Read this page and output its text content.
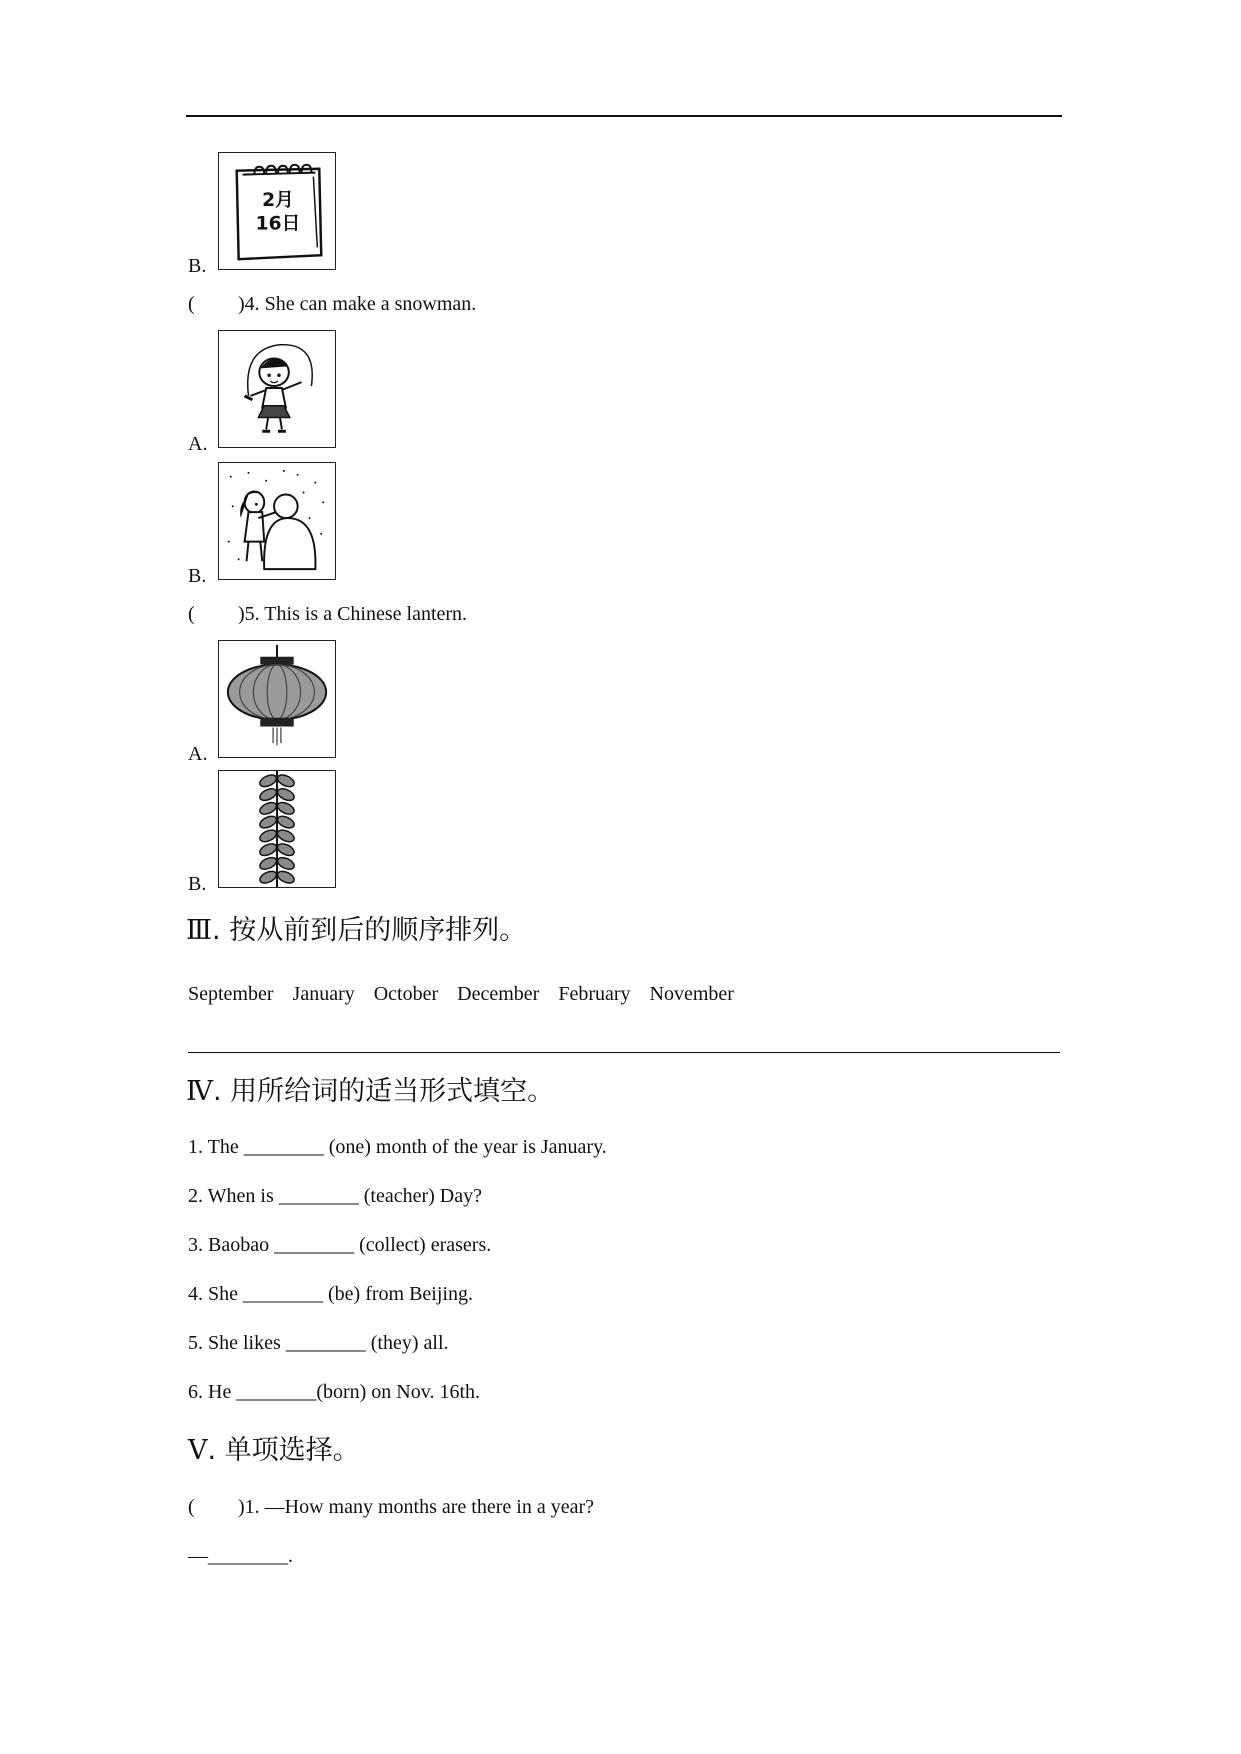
B.
2月
16日
( )4. She can make a snowman.
A.
B.
( )5. This is a Chinese lantern.
A.
B.
Ⅲ. 按从前到后的顺序排列。
September January October December February November
Ⅳ. 用所给词的适当形式填空。
1. The ________ (one) month of the year is January.
2. When is ________ (teacher) Day?
3. Baobao ________ (collect) erasers.
4. She ________ (be) from Beijing.
5. She likes ________ (they) all.
6. He ________(born) on Nov. 16th.
Ⅴ. 单项选择。
( )1. —How many months are there in a year?
—________.
